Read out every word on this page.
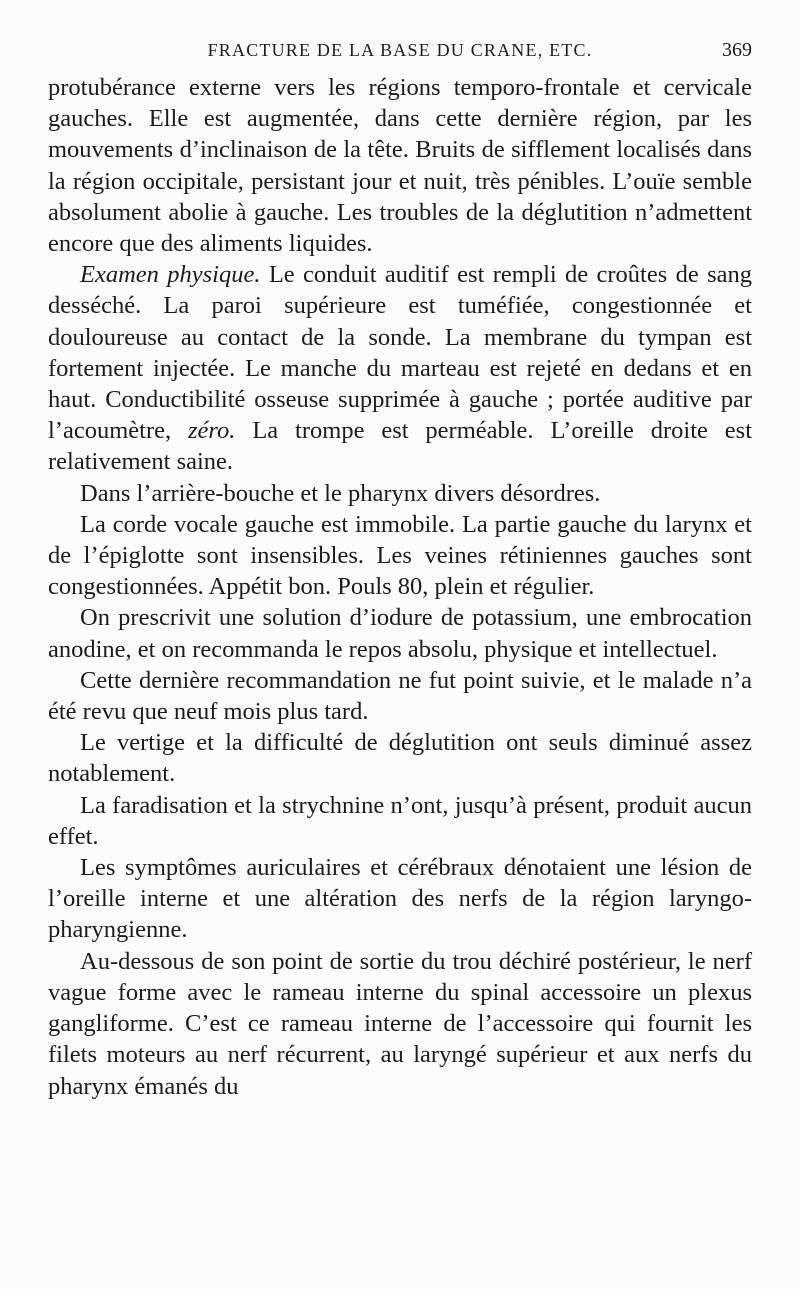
FRACTURE DE LA BASE DU CRANE, ETC.	369

protubérance externe vers les régions temporo-frontale et cervicale gauches. Elle est augmentée, dans cette dernière région, par les mouvements d’inclinaison de la tête. Bruits de sifflement localisés dans la région occipitale, persistant jour et nuit, très pénibles. L’ouïe semble absolument abolie à gauche. Les troubles de la déglutition n’admettent encore que des aliments liquides.

Examen physique. Le conduit auditif est rempli de croûtes de sang desséché. La paroi supérieure est tuméfiée, congestionnée et douloureuse au contact de la sonde. La membrane du tympan est fortement injectée. Le manche du marteau est rejeté en dedans et en haut. Conductibilité osseuse supprimée à gauche ; portée auditive par l’acoumètre, zéro. La trompe est perméable. L’oreille droite est relativement saine.

Dans l’arrière-bouche et le pharynx divers désordres.

La corde vocale gauche est immobile. La partie gauche du larynx et de l’épiglotte sont insensibles. Les veines rétiniennes gauches sont congestionnées. Appétit bon. Pouls 80, plein et régulier.

On prescrivit une solution d’iodure de potassium, une embrocation anodine, et on recommanda le repos absolu, physique et intellectuel.

Cette dernière recommandation ne fut point suivie, et le malade n’a été revu que neuf mois plus tard.

Le vertige et la difficulté de déglutition ont seuls diminué assez notablement.

La faradisation et la strychnine n’ont, jusqu’à présent, produit aucun effet.

Les symptômes auriculaires et cérébraux dénotaient une lésion de l’oreille interne et une altération des nerfs de la région laryngo-pharyngienne.

Au-dessous de son point de sortie du trou déchiré postérieur, le nerf vague forme avec le rameau interne du spinal accessoire un plexus gangliforme. C’est ce rameau interne de l’accessoire qui fournit les filets moteurs au nerf récurrent, au laryngé supérieur et aux nerfs du pharynx émanés du
